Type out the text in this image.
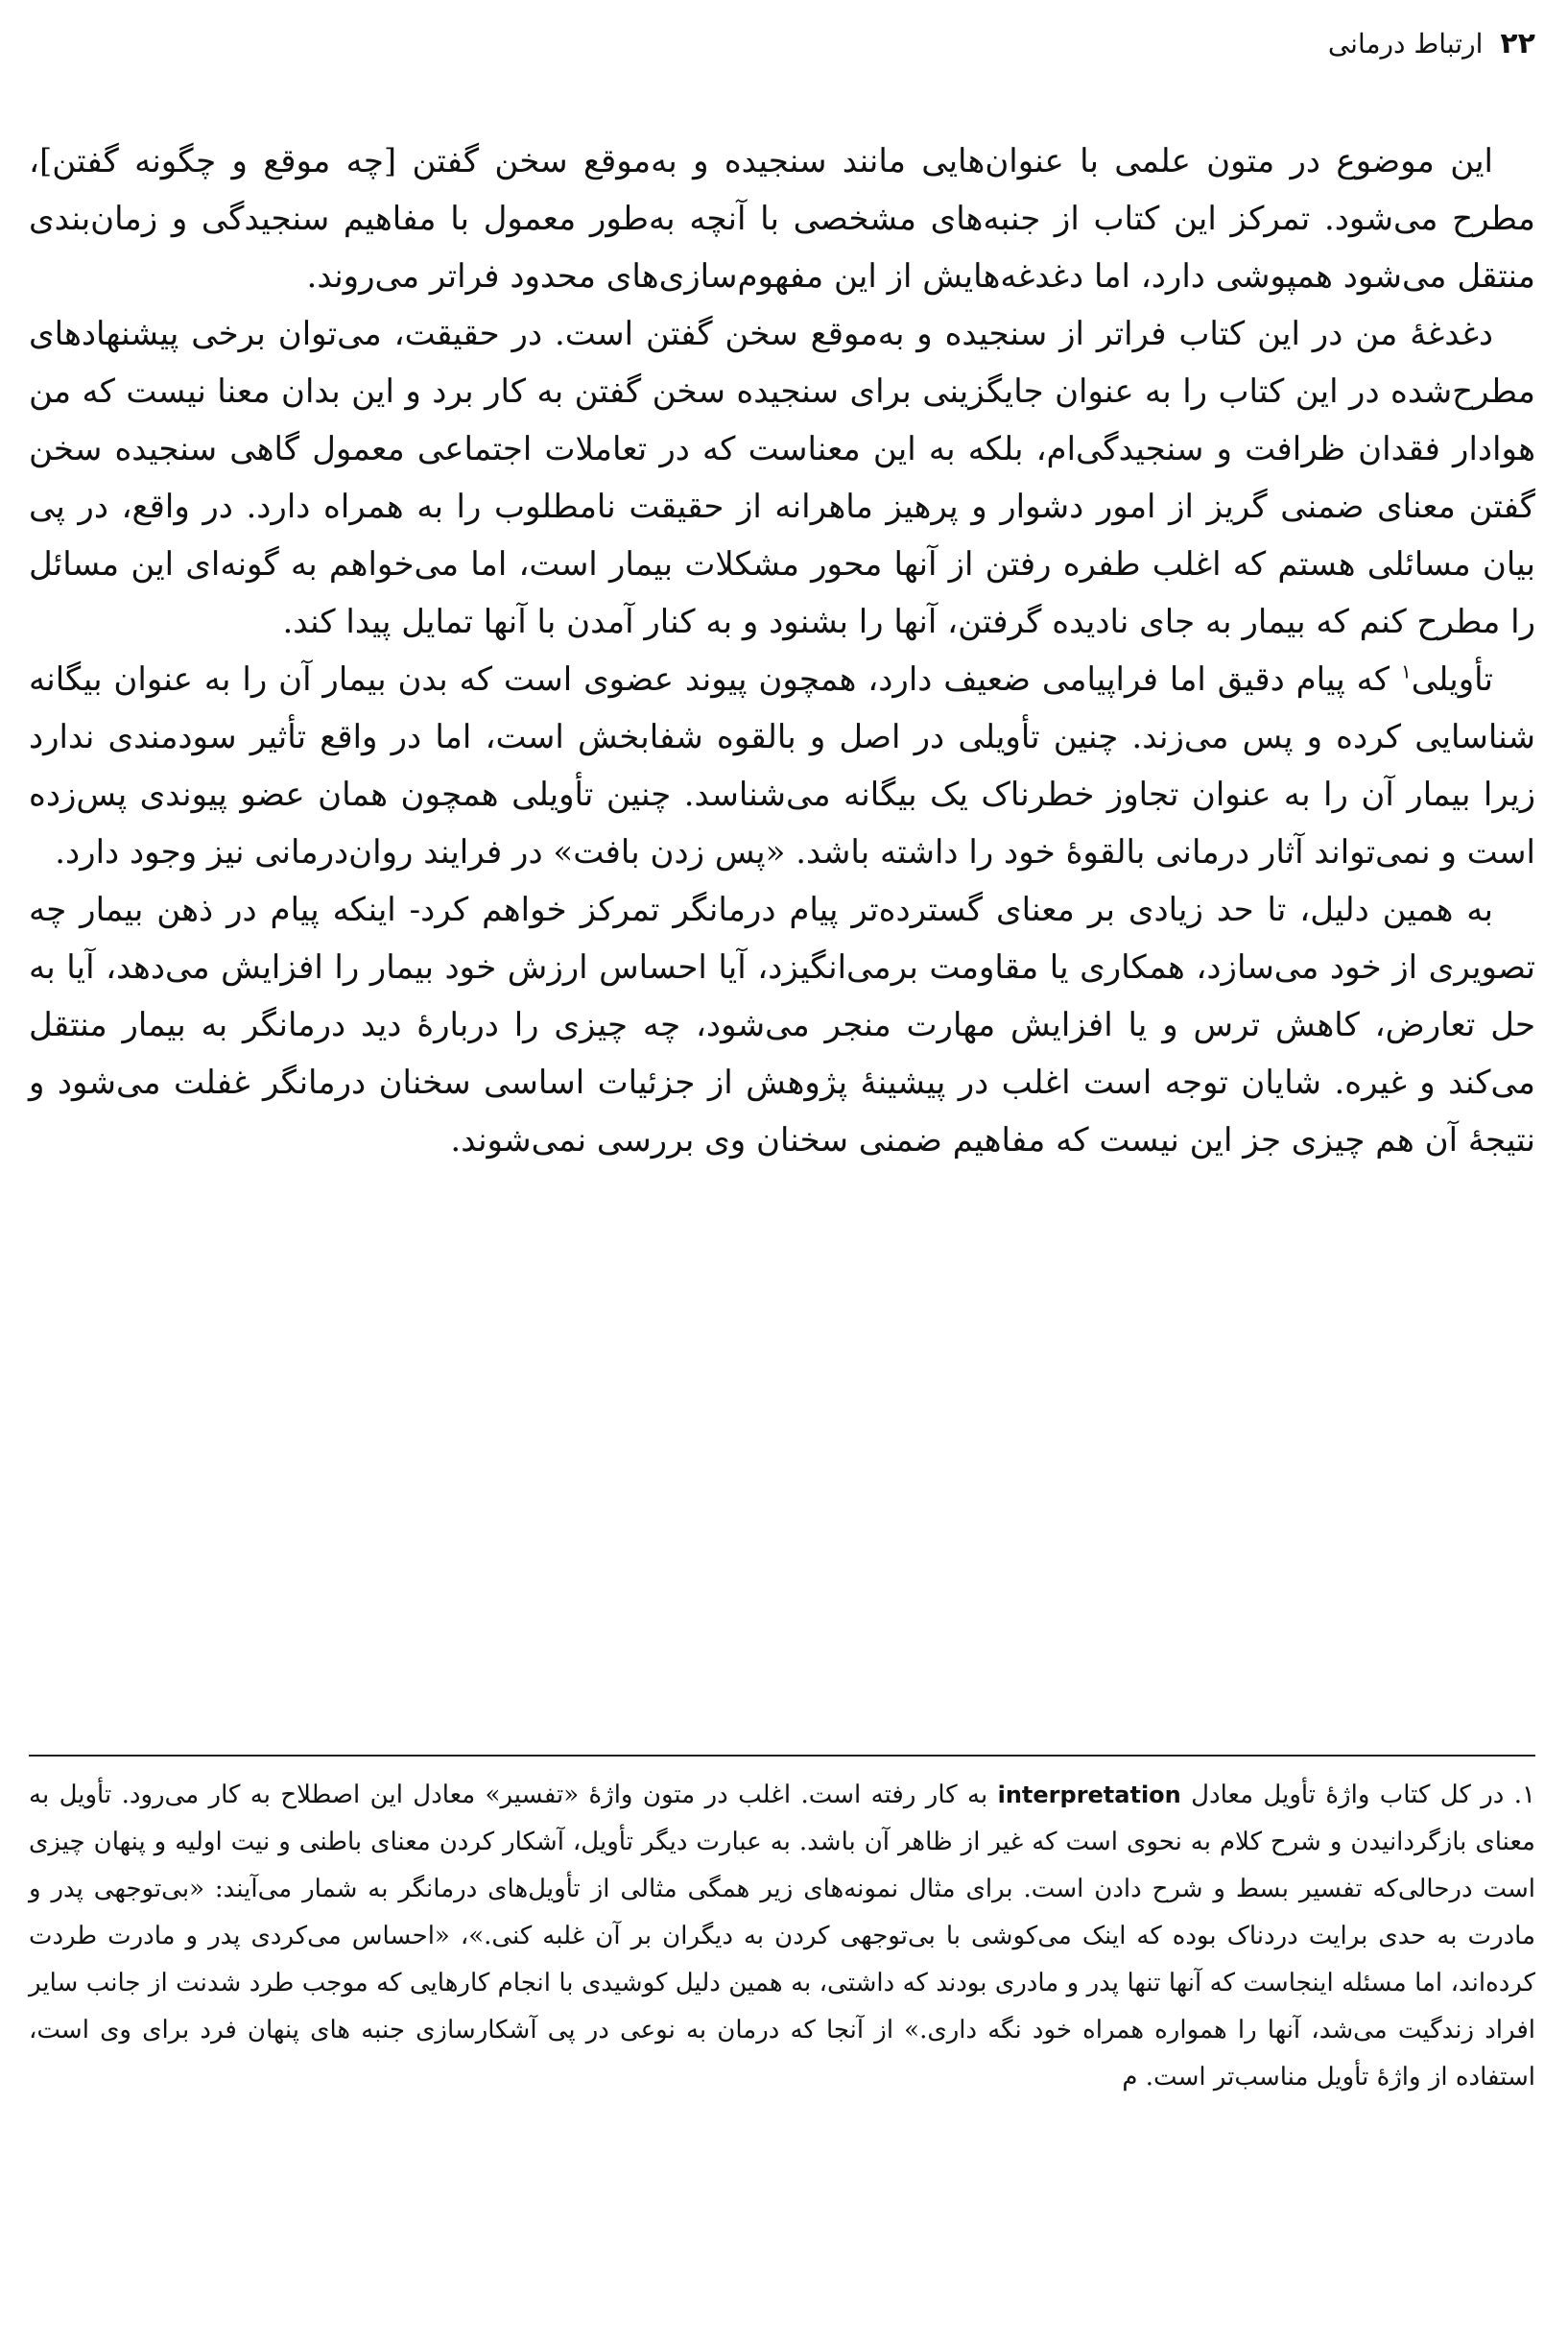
۲۲
ارتباط درمانی

این موضوع در متون علمی با عنوان‌هایی مانند سنجیده و به‌موقع سخن گفتن [چه موقع و چگونه گفتن]، مطرح می‌شود. تمرکز این کتاب از جنبه‌های مشخصی با آنچه به‌طور معمول با مفاهیم سنجیدگی و زمان‌بندی منتقل می‌شود همپوشی دارد، اما دغدغه‌هایش از این مفهوم‌سازی‌های محدود فراتر می‌روند.

دغدغهٔ من در این کتاب فراتر از سنجیده و به‌موقع سخن گفتن است. در حقیقت، می‌توان برخی پیشنهادهای مطرح‌شده در این کتاب را به عنوان جایگزینی برای سنجیده سخن گفتن به کار برد و این بدان معنا نیست که من هوادار فقدان ظرافت و سنجیدگی‌ام، بلکه به این معناست که در تعاملات اجتماعی معمول گاهی سنجیده سخن گفتن معنای ضمنی گریز از امور دشوار و پرهیز ماهرانه از حقیقت نامطلوب را به همراه دارد. در واقع، در پی بیان مسائلی هستم که اغلب طفره رفتن از آنها محور مشکلات بیمار است، اما می‌خواهم به گونه‌ای این مسائل را مطرح کنم که بیمار به جای نادیده گرفتن، آنها را بشنود و به کنار آمدن با آنها تمایل پیدا کند.

تأویلی$^۱$ که پیام دقیق اما فراپیامی ضعیف دارد، همچون پیوند عضوی است که بدن بیمار آن را به عنوان بیگانه شناسایی کرده و پس می‌زند. چنین تأویلی در اصل و بالقوه شفابخش است، اما در واقع تأثیر سودمندی ندارد زیرا بیمار آن را به عنوان تجاوز خطرناک یک بیگانه می‌شناسد. چنین تأویلی همچون همان عضو پیوندی پس‌زده است و نمی‌تواند آثار درمانی بالقوهٔ خود را داشته باشد. «پس زدن بافت» در فرایند روان‌درمانی نیز وجود دارد.

به همین دلیل، تا حد زیادی بر معنای گسترده‌تر پیام درمانگر تمرکز خواهم کرد- اینکه پیام در ذهن بیمار چه تصویری از خود می‌سازد، همکاری یا مقاومت برمی‌انگیزد، آیا احساس ارزش خود بیمار را افزایش می‌دهد، آیا به حل تعارض، کاهش ترس و یا افزایش مهارت منجر می‌شود، چه چیزی را دربارهٔ دید درمانگر به بیمار منتقل می‌کند و غیره. شایان توجه است اغلب در پیشینهٔ پژوهش از جزئیات اساسی سخنان درمانگر غفلت می‌شود و نتیجهٔ آن هم چیزی جز این نیست که مفاهیم ضمنی سخنان وی بررسی نمی‌شوند.

۱. در کل کتاب واژهٔ تأویل معادل interpretation به کار رفته است. اغلب در متون واژهٔ «تفسیر» معادل این اصطلاح به کار می‌رود. تأویل به معنای بازگردانیدن و شرح کلام به نحوی است که غیر از ظاهر آن باشد. به عبارت دیگر تأویل، آشکار کردن معنای باطنی و نیت اولیه و پنهان چیزی است درحالی‌که تفسیر بسط و شرح دادن است. برای مثال نمونه‌های زیر همگی مثالی از تأویل‌های درمانگر به شمار می‌آیند: «بی‌توجهی پدر و مادرت به حدی برایت دردناک بوده که اینک می‌کوشی با بی‌توجهی کردن به دیگران بر آن غلبه کنی.»، «احساس می‌کردی پدر و مادرت طردت کرده‌اند، اما مسئله اینجاست که آنها تنها پدر و مادری بودند که داشتی، به همین دلیل کوشیدی با انجام کارهایی که موجب طرد شدنت از جانب سایر افراد زندگیت می‌شد، آنها را همواره همراه خود نگه داری.» از آنجا که درمان به نوعی در پی آشکارسازی جنبه های پنهان فرد برای وی است، استفاده از واژهٔ تأویل مناسب‌تر است. م
